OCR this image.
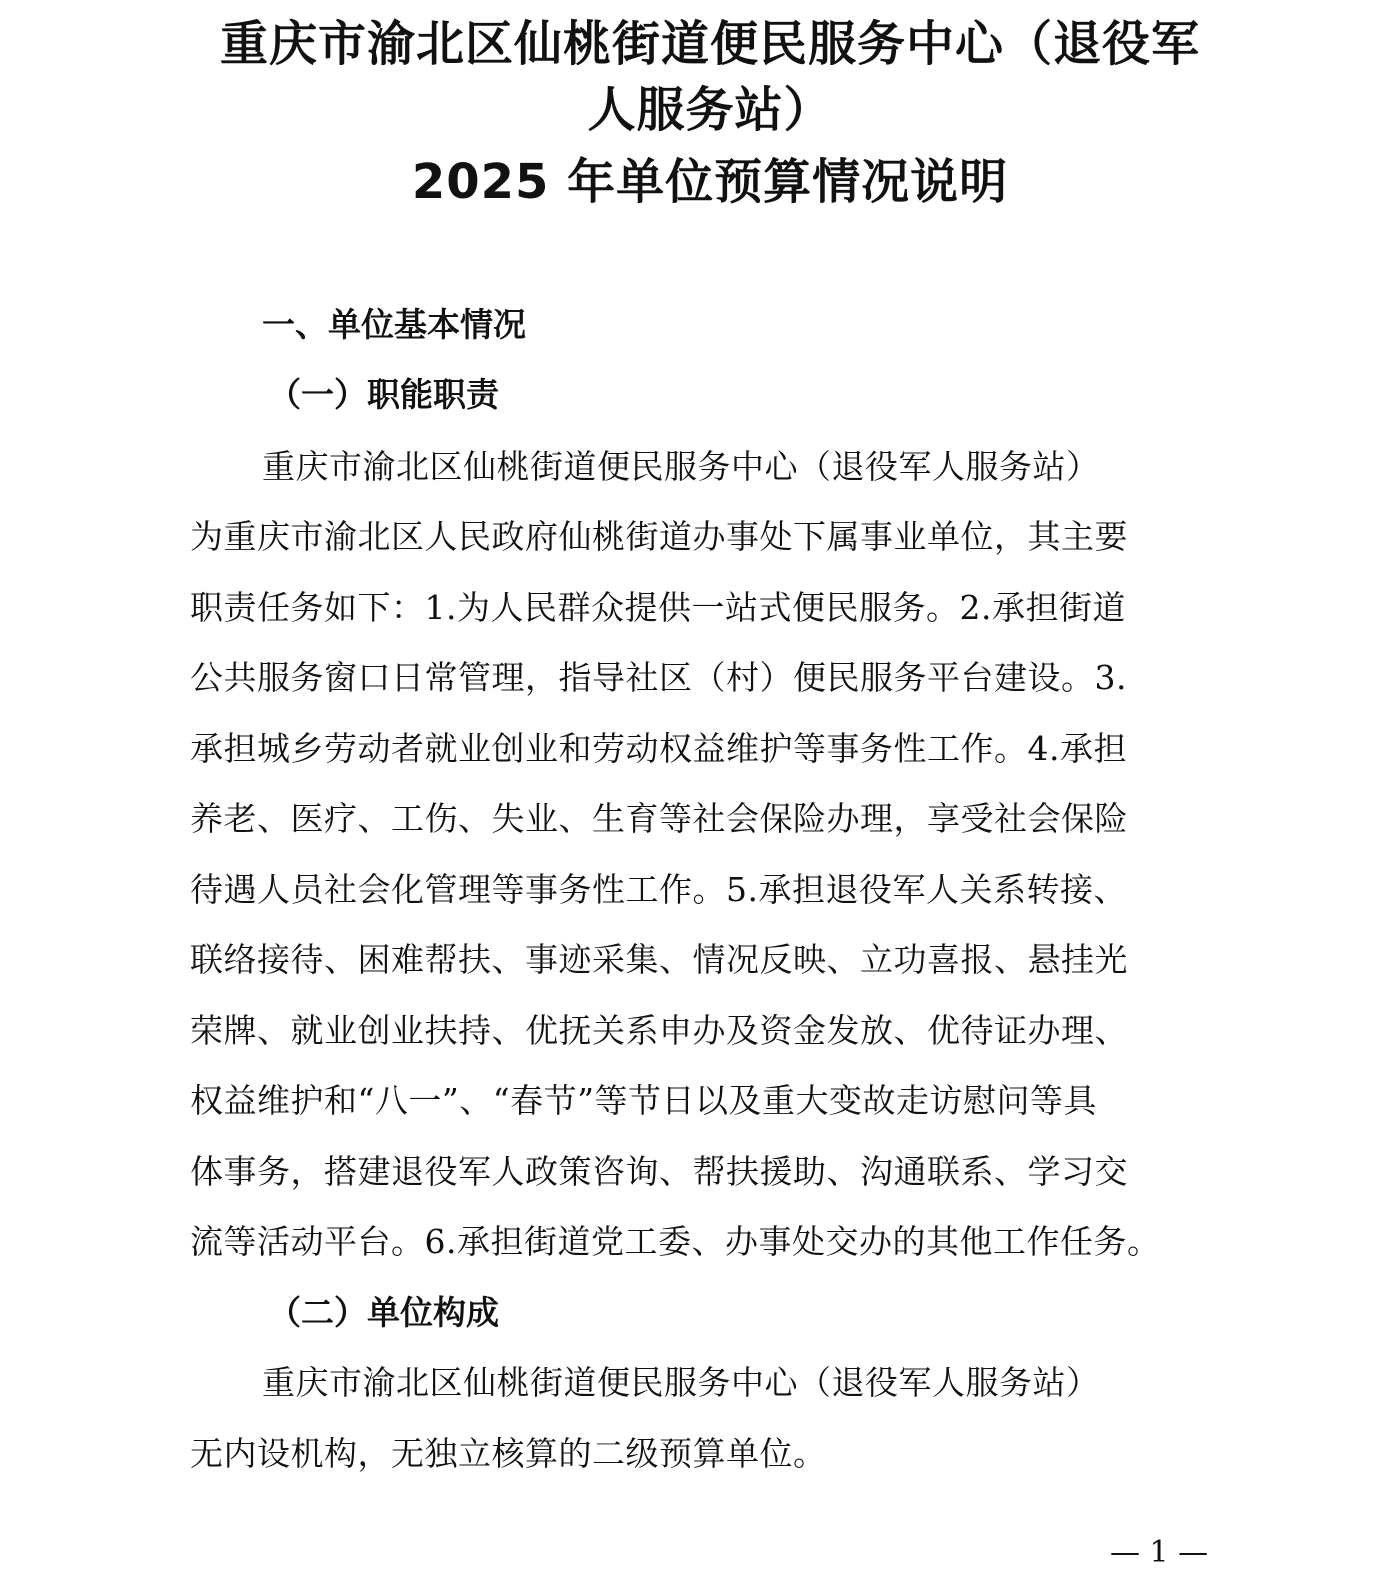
重庆市渝北区仙桃街道便民服务中心（退役军
人服务站）
2025 年单位预算情况说明
一、单位基本情况
（一）职能职责

重庆市渝北区仙桃街道便民服务中心（退役军人服务站）

为重庆市渝北区人民政府仙桃街道办事处下属事业单位，其主要

职责任务如下：1.为人民群众提供一站式便民服务。2.承担街道

公共服务窗口日常管理，指导社区（村）便民服务平台建设。3.

承担城乡劳动者就业创业和劳动权益维护等事务性工作。4.承担

养老、医疗、工伤、失业、生育等社会保险办理，享受社会保险

待遇人员社会化管理等事务性工作。5.承担退役军人关系转接、

联络接待、困难帮扶、事迹采集、情况反映、立功喜报、悬挂光

荣牌、就业创业扶持、优抚关系申办及资金发放、优待证办理、

权益维护和“八一”、“春节”等节日以及重大变故走访慰问等具

体事务，搭建退役军人政策咨询、帮扶援助、沟通联系、学习交

流等活动平台。6.承担街道党工委、办事处交办的其他工作任务。

（二）单位构成

重庆市渝北区仙桃街道便民服务中心（退役军人服务站）

无内设机构，无独立核算的二级预算单位。

— 1 —
